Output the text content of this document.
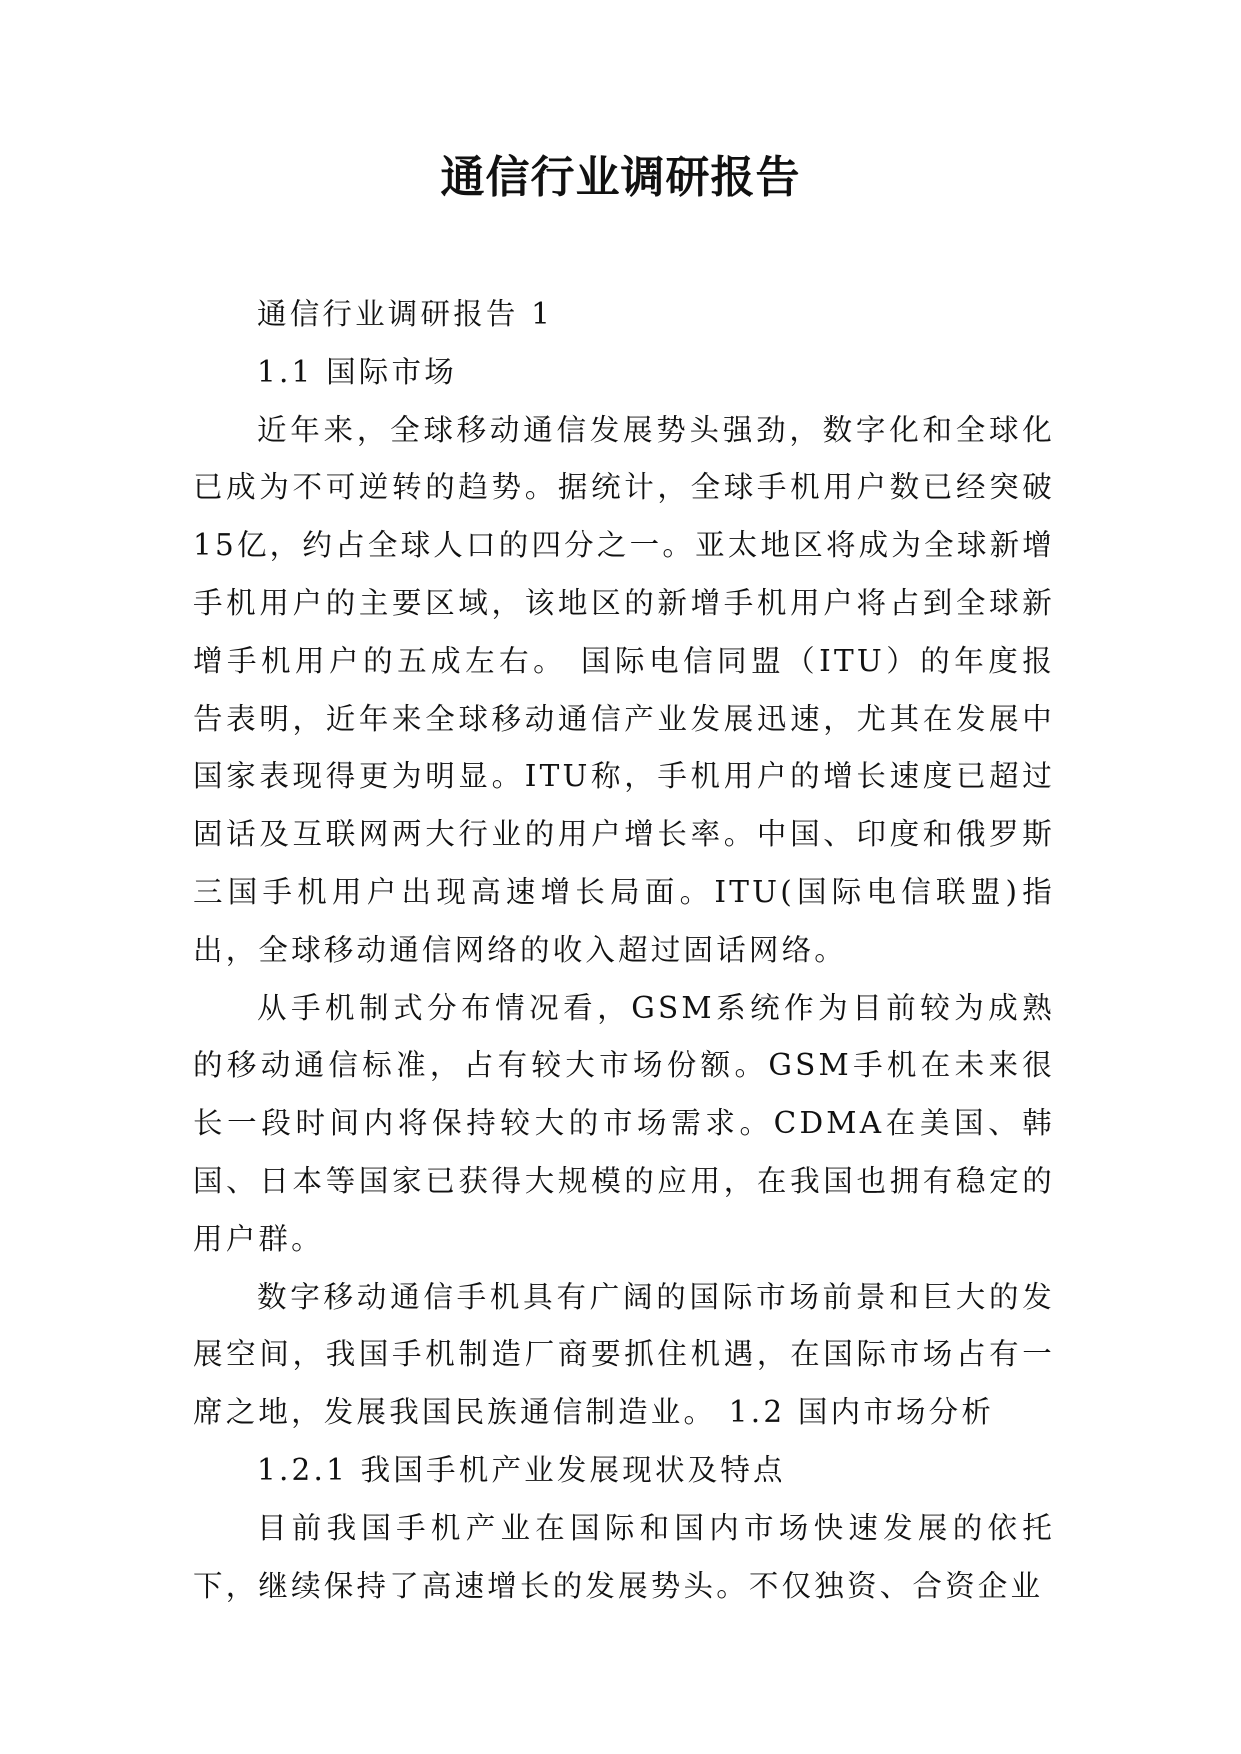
通信行业调研报告

通信行业调研报告 1

1.1 国际市场

近年来，全球移动通信发展势头强劲，数字化和全球化已成为不可逆转的趋势。据统计，全球手机用户数已经突破15亿，约占全球人口的四分之一。亚太地区将成为全球新增手机用户的主要区域，该地区的新增手机用户将占到全球新增手机用户的五成左右。 国际电信同盟（ITU）的年度报告表明，近年来全球移动通信产业发展迅速，尤其在发展中国家表现得更为明显。ITU称，手机用户的增长速度已超过固话及互联网两大行业的用户增长率。中国、印度和俄罗斯三国手机用户出现高速增长局面。ITU(国际电信联盟)指出，全球移动通信网络的收入超过固话网络。

从手机制式分布情况看，GSM系统作为目前较为成熟的移动通信标准，占有较大市场份额。GSM手机在未来很长一段时间内将保持较大的市场需求。CDMA在美国、韩国、日本等国家已获得大规模的应用，在我国也拥有稳定的用户群。

数字移动通信手机具有广阔的国际市场前景和巨大的发展空间，我国手机制造厂商要抓住机遇，在国际市场占有一席之地，发展我国民族通信制造业。 1.2 国内市场分析

1.2.1 我国手机产业发展现状及特点

目前我国手机产业在国际和国内市场快速发展的依托下，继续保持了高速增长的发展势头。不仅独资、合资企业
